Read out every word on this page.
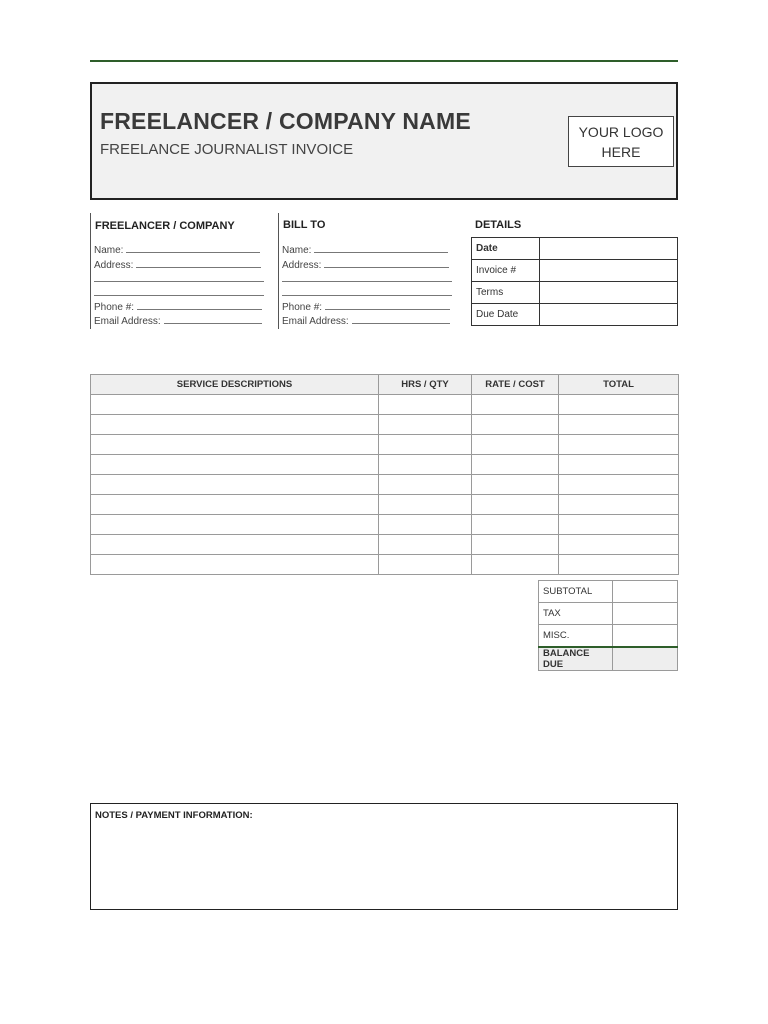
FREELANCER / COMPANY NAME
FREELANCE JOURNALIST INVOICE
YOUR LOGO
HERE
FREELANCER / COMPANY
Name:
Address:
Phone #:
Email Address:
BILL TO
Name:
Address:
Phone #:
Email Address:
DETAILS
Date	
Invoice #	
Terms	
Due Date	
SERVICE DESCRIPTIONS	HRS / QTY	RATE / COST	TOTAL

SUBTOTAL	
TAX	
MISC.	
BALANCE DUE	
NOTES / PAYMENT INFORMATION:
